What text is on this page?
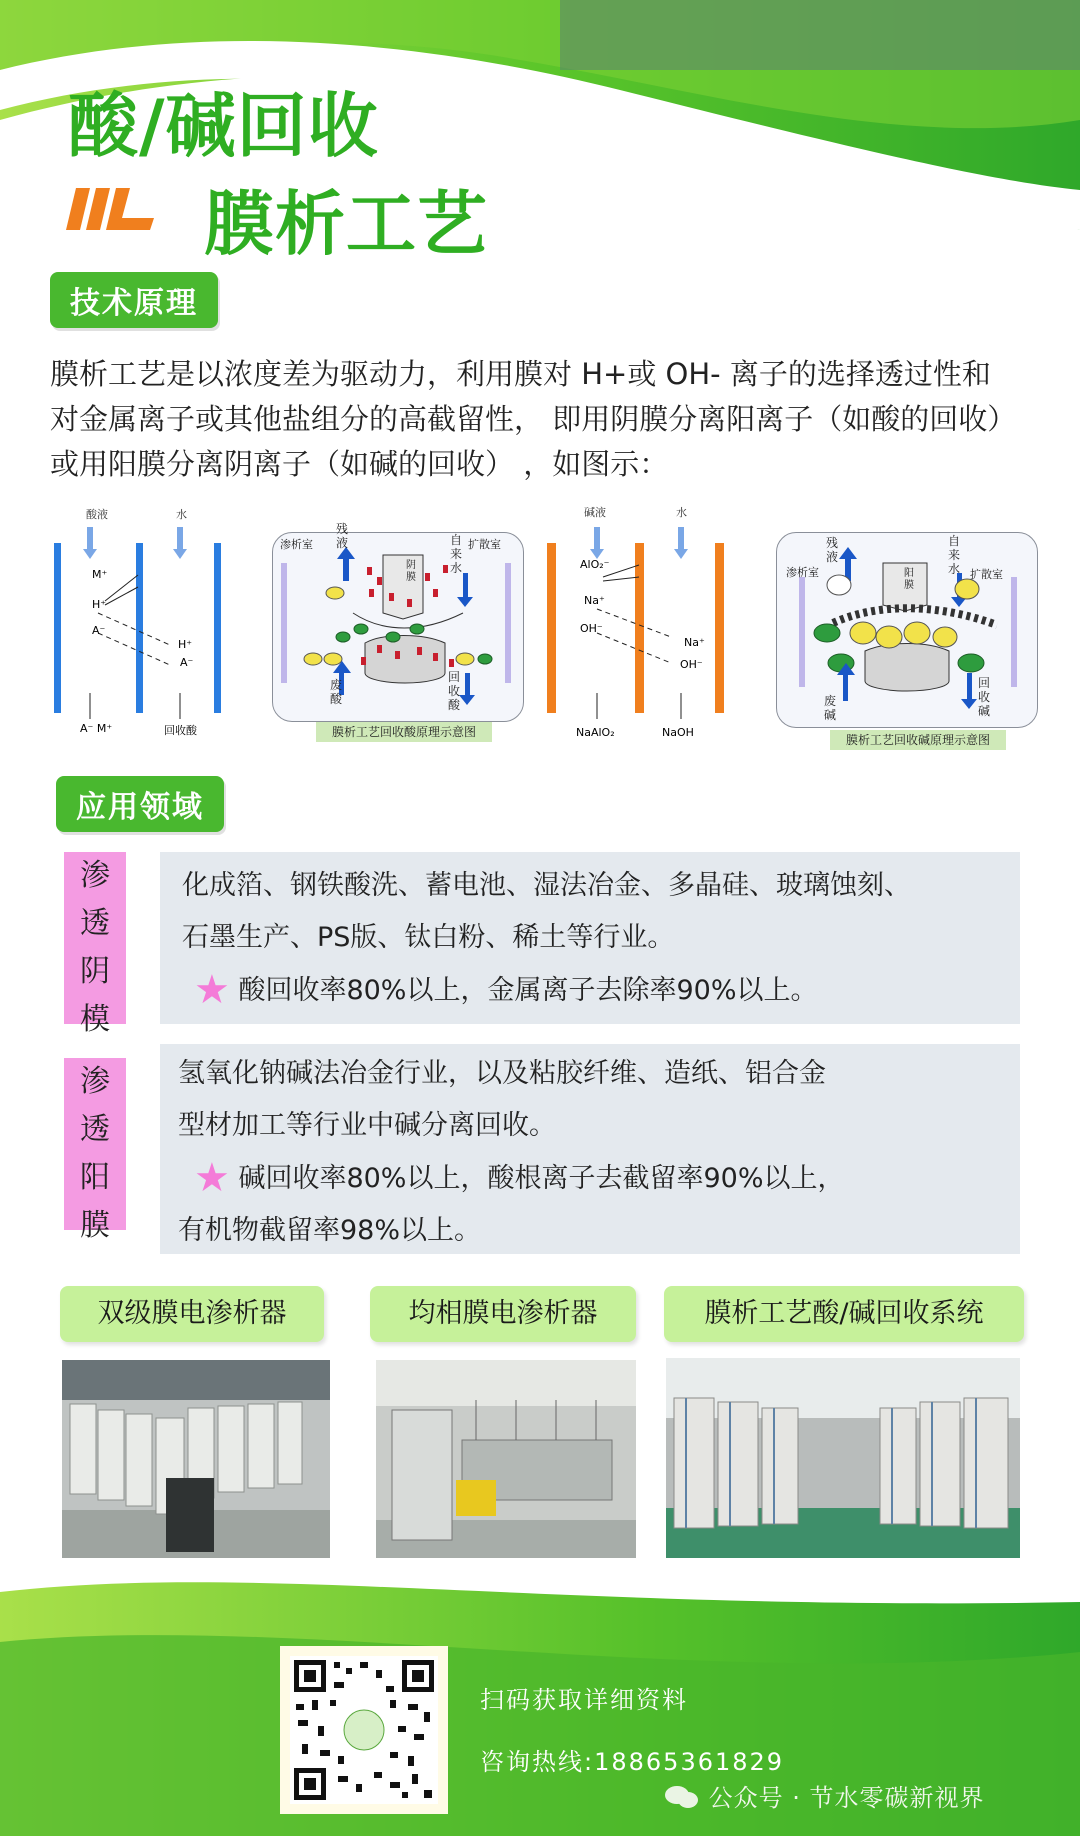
酸/碱回收
膜析工艺
技术原理
膜析工艺是以浓度差为驱动力，利用膜对 H+或 OH- 离子的选择透过性和
对金属离子或其他盐组分的高截留性， 即用阴膜分离阳离子（如酸的回收）
或用阳膜分离阴离子（如碱的回收） ，如图示：
酸液	水
M⁺
H⁺
A⁻
H⁺
A⁻
A⁻ M⁺	回收酸
渗析室
残液	自来水
扩散室
阴膜
废酸
回收酸
膜析工艺回收酸原理示意图
碱液	水
AlO₂⁻
Na⁺
OH⁻
Na⁺
OH⁻
NaAlO₂	NaOH
渗析室
残液
自来水 扩散室
阳膜
废碱
回收碱
膜析工艺回收碱原理示意图
应用领域
渗
透
阴
模
化成箔、钢铁酸洗、蓄电池、湿法冶金、多晶硅、玻璃蚀刻、
石墨生产、PS版、钛白粉、稀土等行业。
★ 酸回收率80%以上，金属离子去除率90%以上。
渗
透
阳
膜
氢氧化钠碱法冶金行业，以及粘胶纤维、造纸、铝合金
型材加工等行业中碱分离回收。
★ 碱回收率80%以上，酸根离子去截留率90%以上，
有机物截留率98%以上。
双级膜电渗析器	均相膜电渗析器	膜析工艺酸/碱回收系统
扫码获取详细资料
咨询热线:18865361829
公众号 · 节水零碳新视界
